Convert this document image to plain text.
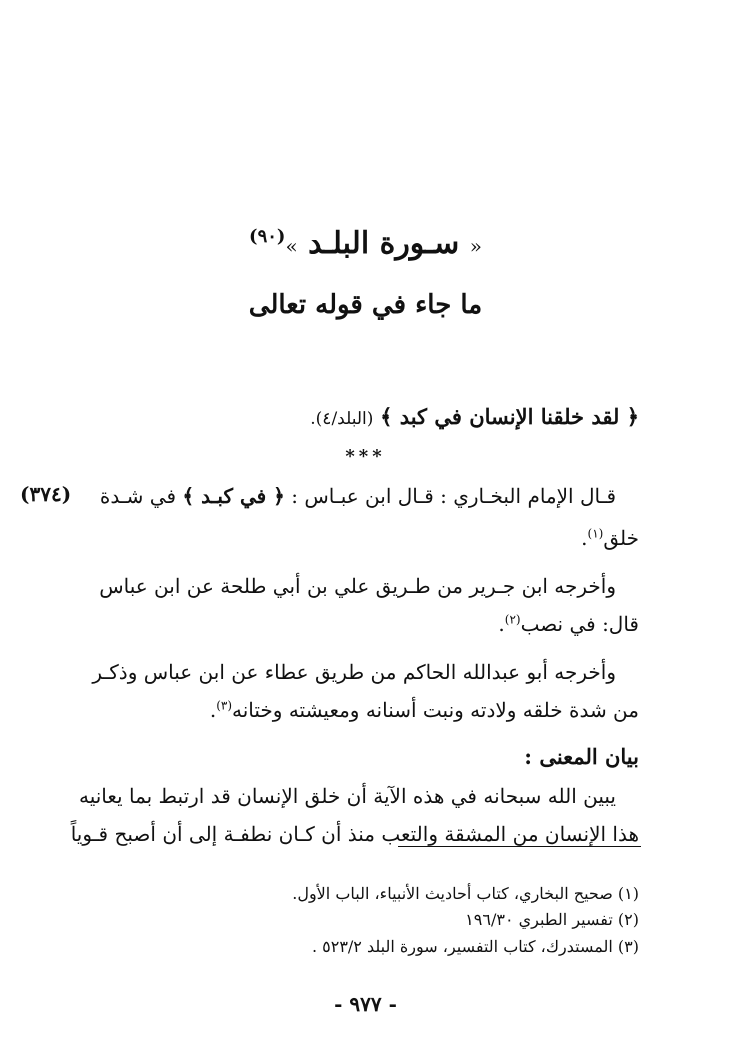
« سـورة البلـد »$^{(٩٠)}$
ما جاء في قوله تعالى
﴿ لقد خلقنا الإنسان في كبد ﴾ (البلد/٤).
***
(٣٧٤)	قـال الإمام البخـاري : قـال ابن عبـاس : ﴿ في كبـد ﴾ في شـدة
خلق$^{(١)}$.
وأخرجه ابن جـرير من طـريق علي بن أبي طلحة عن ابن عباس
قال: في نصب$^{(٢)}$.
وأخرجه أبو عبدالله الحاكم من طريق عطاء عن ابن عباس وذكـر
من شدة خلقه ولادته ونبت أسنانه ومعيشته وختانه$^{(٣)}$.
بيان المعنى :
يبين الله سبحانه في هذه الآية أن خلق الإنسان قد ارتبط بما يعانيه
هذا الإنسان من المشقة والتعب منذ أن كـان نطفـة إلى أن أصبح قـوياً
(١) صحيح البخاري، كتاب أحاديث الأنبياء، الباب الأول.
(٢) تفسير الطبري ١٩٦/٣٠
(٣) المستدرك، كتاب التفسير، سورة البلد ٥٢٣/٢ .
- ٩٧٧ -
